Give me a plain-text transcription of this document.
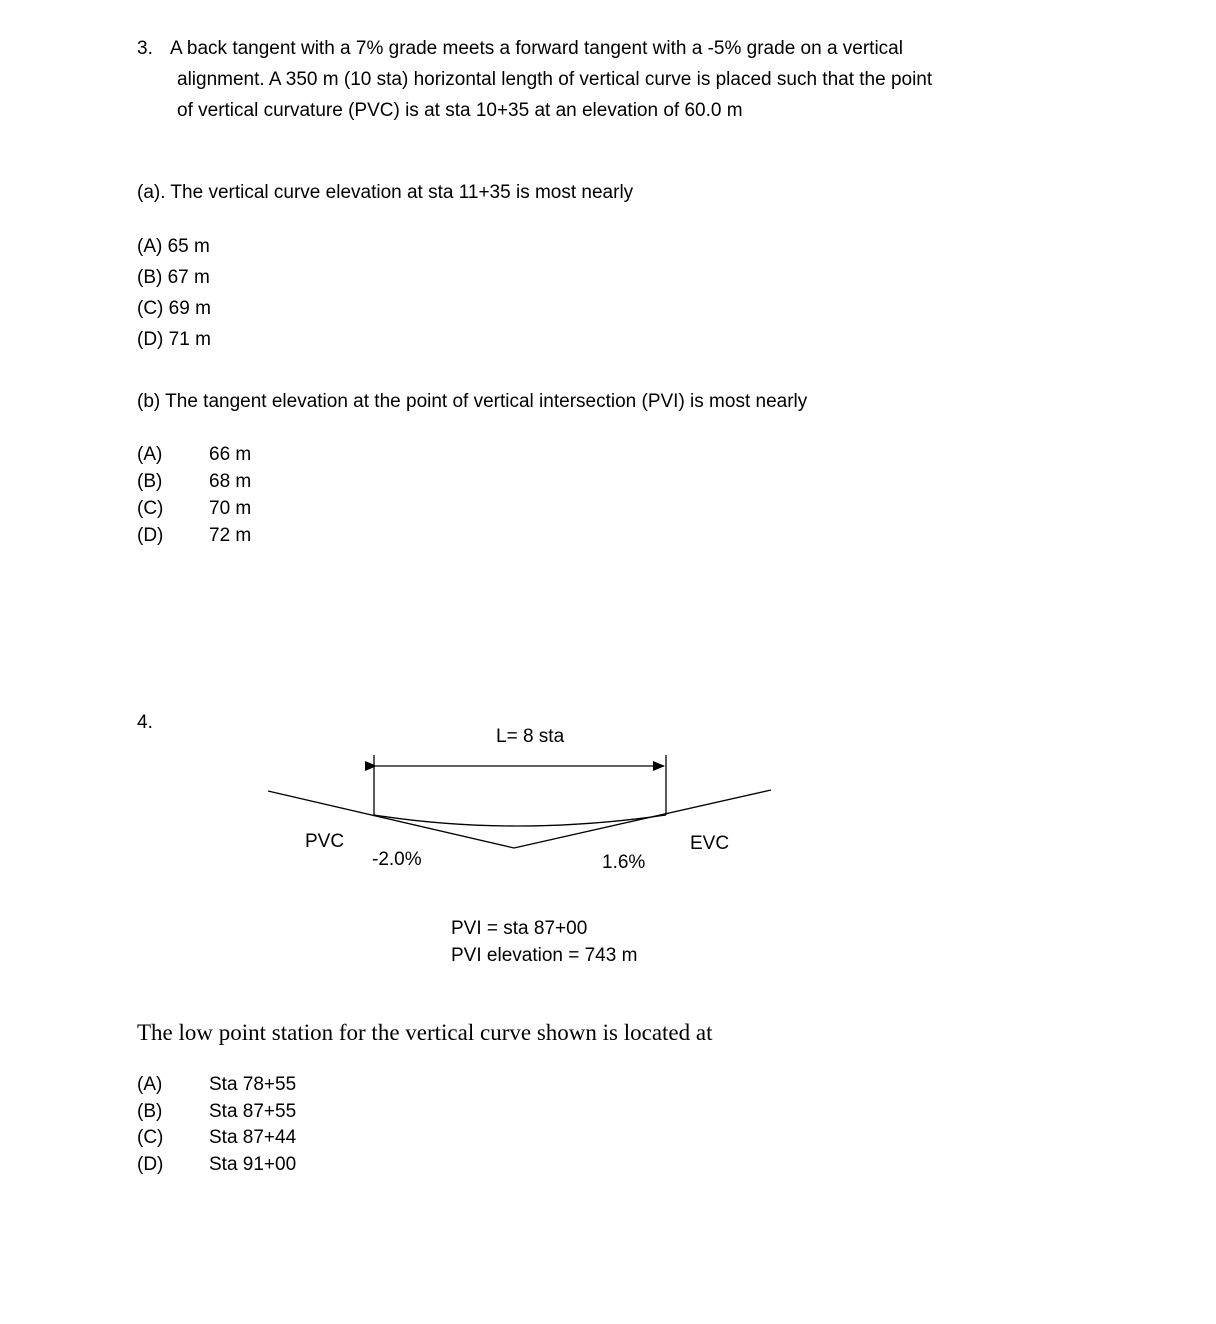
3. A back tangent with a 7% grade meets a forward tangent with a -5% grade on a vertical
alignment. A 350 m (10 sta) horizontal length of vertical curve is placed such that the point
of vertical curvature (PVC) is at sta 10+35 at an elevation of 60.0 m
(a). The vertical curve elevation at sta 11+35 is most nearly
(A) 65 m
(B) 67 m
(C) 69 m
(D) 71 m
(b) The tangent elevation at the point of vertical intersection (PVI) is most nearly
(A) 66 m
(B) 68 m
(C) 70 m
(D) 72 m
4.
L= 8 sta
PVC	EVC
-2.0%	1.6%
PVI = sta 87+00
PVI elevation = 743 m
The low point station for the vertical curve shown is located at
(A) Sta 78+55
(B) Sta 87+55
(C) Sta 87+44
(D) Sta 91+00
